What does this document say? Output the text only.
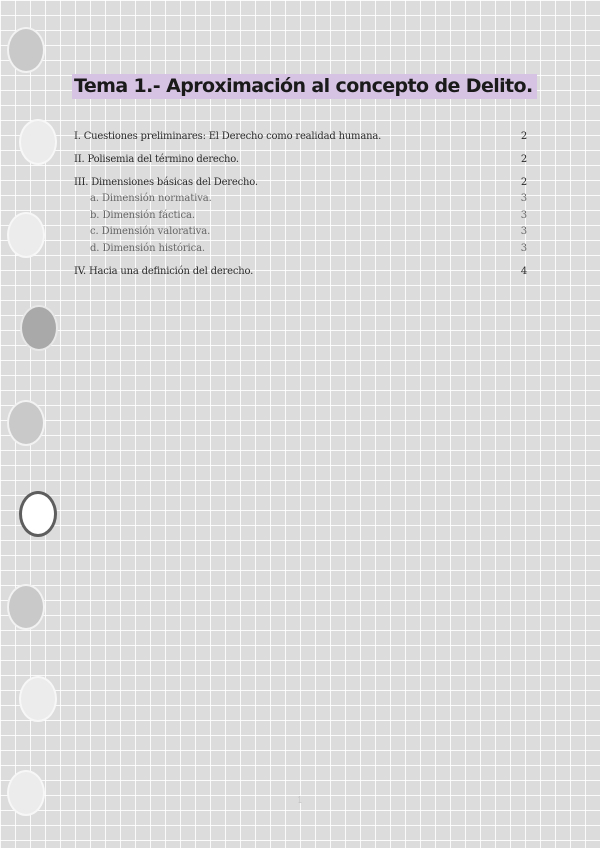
Tema 1.- Aproximación al concepto de Delito.
I. Cuestiones preliminares: El Derecho como realidad humana.	2
II. Polisemia del término derecho.	2
III. Dimensiones básicas del Derecho.	2
a. Dimensión normativa.	3
b. Dimensión fáctica.	3
c. Dimensión valorativa.	3
d. Dimensión histórica.	3
IV. Hacia una definición del derecho.	4
1
